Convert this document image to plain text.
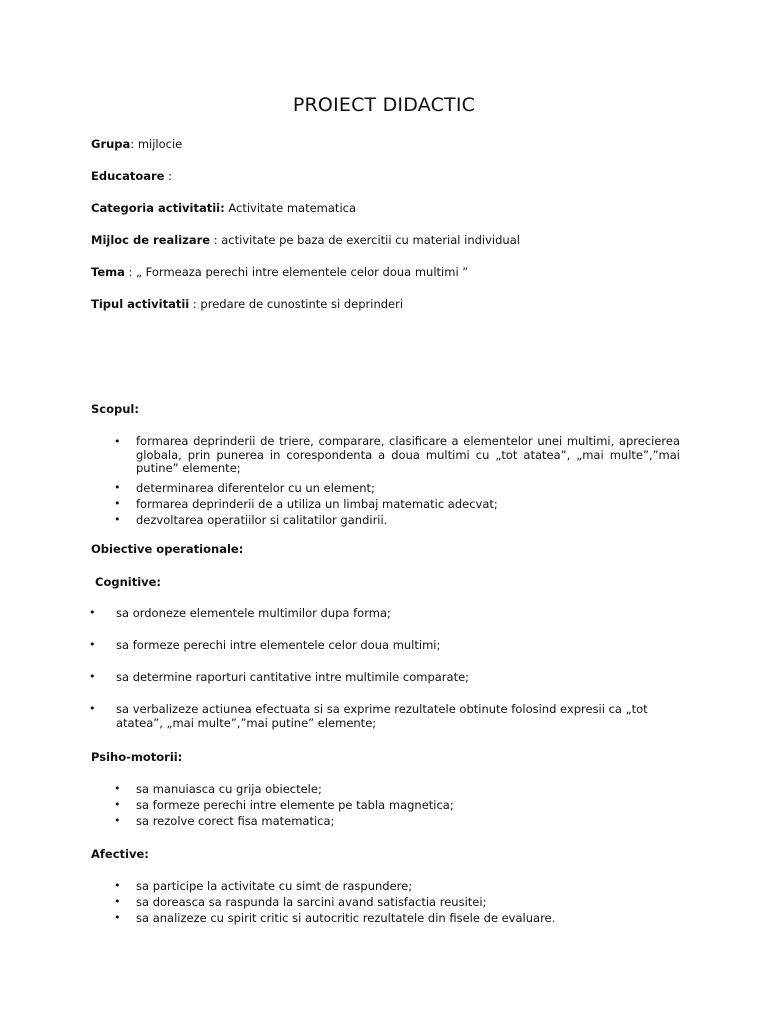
PROIECT DIDACTIC
Grupa: mijlocie
Educatoare :
Categoria activitatii: Activitate matematica
Mijloc de realizare : activitate pe baza de exercitii cu material individual
Tema : „ Formeaza perechi intre elementele celor doua multimi ”
Tipul activitatii : predare de cunostinte si deprinderi
Scopul:
• formarea deprinderii de triere, comparare, clasificare a elementelor unei multimi, aprecierea globala, prin punerea in corespondenta a doua multimi cu „tot atatea”, „mai multe”,”mai putine” elemente;
• determinarea diferentelor cu un element;
• formarea deprinderii de a utiliza un limbaj matematic adecvat;
• dezvoltarea operatiilor si calitatilor gandirii.
Obiective operationale:
Cognitive:
• sa ordoneze elementele multimilor dupa forma;
• sa formeze perechi intre elementele celor doua multimi;
• sa determine raporturi cantitative intre multimile comparate;
• sa verbalizeze actiunea efectuata si sa exprime rezultatele obtinute folosind expresii ca „tot atatea”, „mai multe”,”mai putine” elemente;
Psiho-motorii:
• sa manuiasca cu grija obiectele;
• sa formeze perechi intre elemente pe tabla magnetica;
• sa rezolve corect fisa matematica;
Afective:
• sa participe la activitate cu simt de raspundere;
• sa doreasca sa raspunda la sarcini avand satisfactia reusitei;
• sa analizeze cu spirit critic si autocritic rezultatele din fisele de evaluare.
